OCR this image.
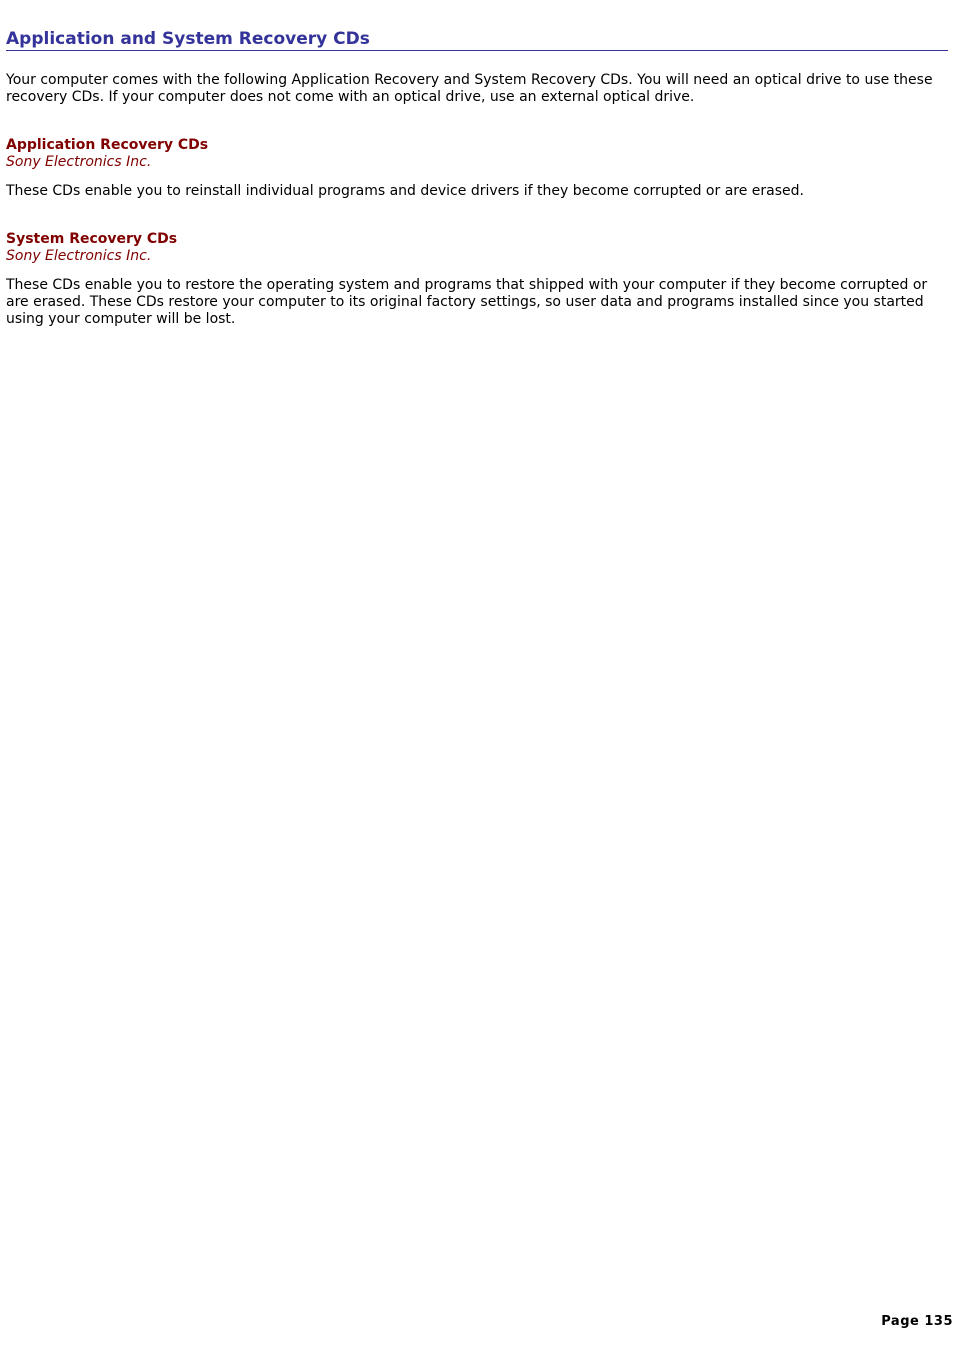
Application and System Recovery CDs

Your computer comes with the following Application Recovery and System Recovery CDs. You will need an optical drive to use these recovery CDs. If your computer does not come with an optical drive, use an external optical drive.

Application Recovery CDs
Sony Electronics Inc.

These CDs enable you to reinstall individual programs and device drivers if they become corrupted or are erased.

System Recovery CDs
Sony Electronics Inc.

These CDs enable you to restore the operating system and programs that shipped with your computer if they become corrupted or are erased. These CDs restore your computer to its original factory settings, so user data and programs installed since you started using your computer will be lost.

Page 135
